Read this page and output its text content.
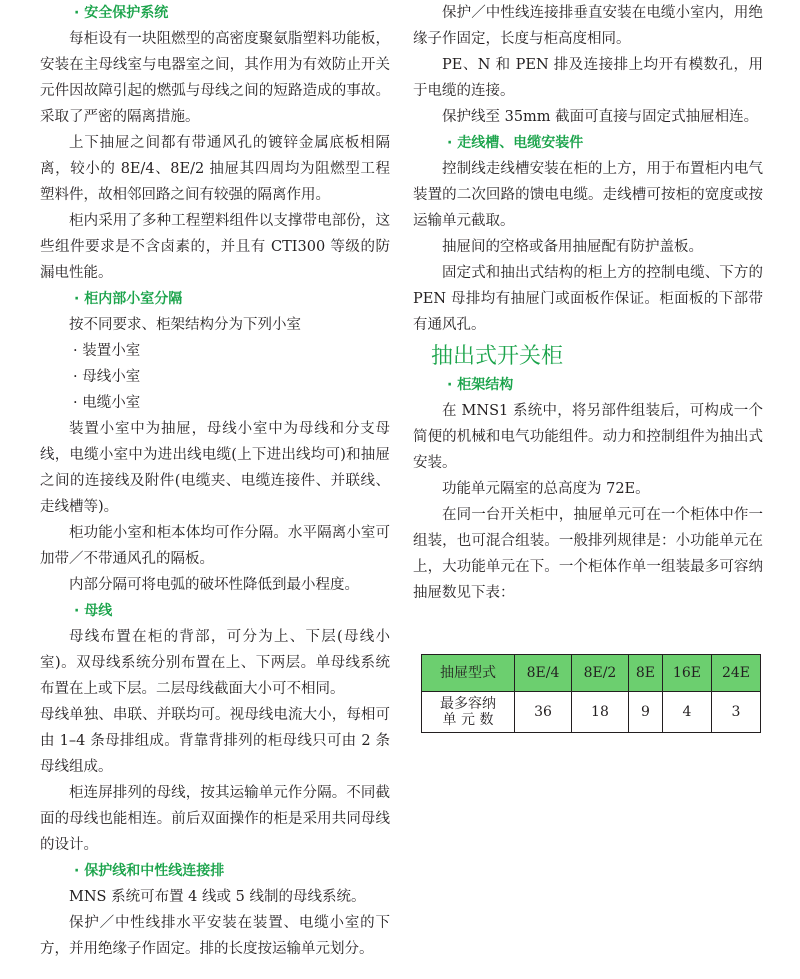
· 安全保护系统

每柜设有一块阻燃型的高密度聚氨脂塑料功能板，安装在主母线室与电器室之间，其作用为有效防止开关元件因故障引起的燃弧与母线之间的短路造成的事故。采取了严密的隔离措施。

上下抽屉之间都有带通风孔的镀锌金属底板相隔离，较小的 8E/4、8E/2 抽屉其四周均为阻燃型工程塑料件，故相邻回路之间有较强的隔离作用。

柜内采用了多种工程塑料组件以支撑带电部份，这些组件要求是不含卤素的，并且有 CTI300 等级的防漏电性能。

· 柜内部小室分隔

按不同要求、柜架结构分为下列小室

· 装置小室

· 母线小室

· 电缆小室

装置小室中为抽屉，母线小室中为母线和分支母线，电缆小室中为进出线电缆(上下进出线均可)和抽屉之间的连接线及附件(电缆夹、电缆连接件、并联线、走线槽等)。

柜功能小室和柜本体均可作分隔。水平隔离小室可加带／不带通风孔的隔板。

内部分隔可将电弧的破坏性降低到最小程度。

· 母线

母线布置在柜的背部，可分为上、下层(母线小室)。双母线系统分别布置在上、下两层。单母线系统布置在上或下层。二层母线截面大小可不相同。

母线单独、串联、并联均可。视母线电流大小，每相可由 1–4 条母排组成。背靠背排列的柜母线只可由 2 条母线组成。

柜连屏排列的母线，按其运输单元作分隔。不同截面的母线也能相连。前后双面操作的柜是采用共同母线的设计。

· 保护线和中性线连接排

MNS 系统可布置 4 线或 5 线制的母线系统。

保护／中性线排水平安装在装置、电缆小室的下方，并用绝缘子作固定。排的长度按运输单元划分。

保护／中性线连接排垂直安装在电缆小室内，用绝缘子作固定，长度与柜高度相同。

PE、N 和 PEN 排及连接排上均开有模数孔，用于电缆的连接。

保护线至 35mm 截面可直接与固定式抽屉相连。

· 走线槽、电缆安装件

控制线走线槽安装在柜的上方，用于布置柜内电气装置的二次回路的馈电电缆。走线槽可按柜的宽度或按运输单元截取。

抽屉间的空格或备用抽屉配有防护盖板。

固定式和抽出式结构的柜上方的控制电缆、下方的 PEN 母排均有抽屉门或面板作保证。柜面板的下部带有通风孔。

抽出式开关柜
· 柜架结构

在 MNS1 系统中，将另部件组装后，可构成一个简便的机械和电气功能组件。动力和控制组件为抽出式安装。

功能单元隔室的总高度为 72E。

在同一台开关柜中，抽屉单元可在一个柜体中作一组装，也可混合组装。一般排列规律是：小功能单元在上，大功能单元在下。一个柜体作单一组装最多可容纳抽屉数见下表：

抽屉型式	8E/4	8E/2	8E	16E	24E

最多容纳
单 元 数	36	18	9	4	3
